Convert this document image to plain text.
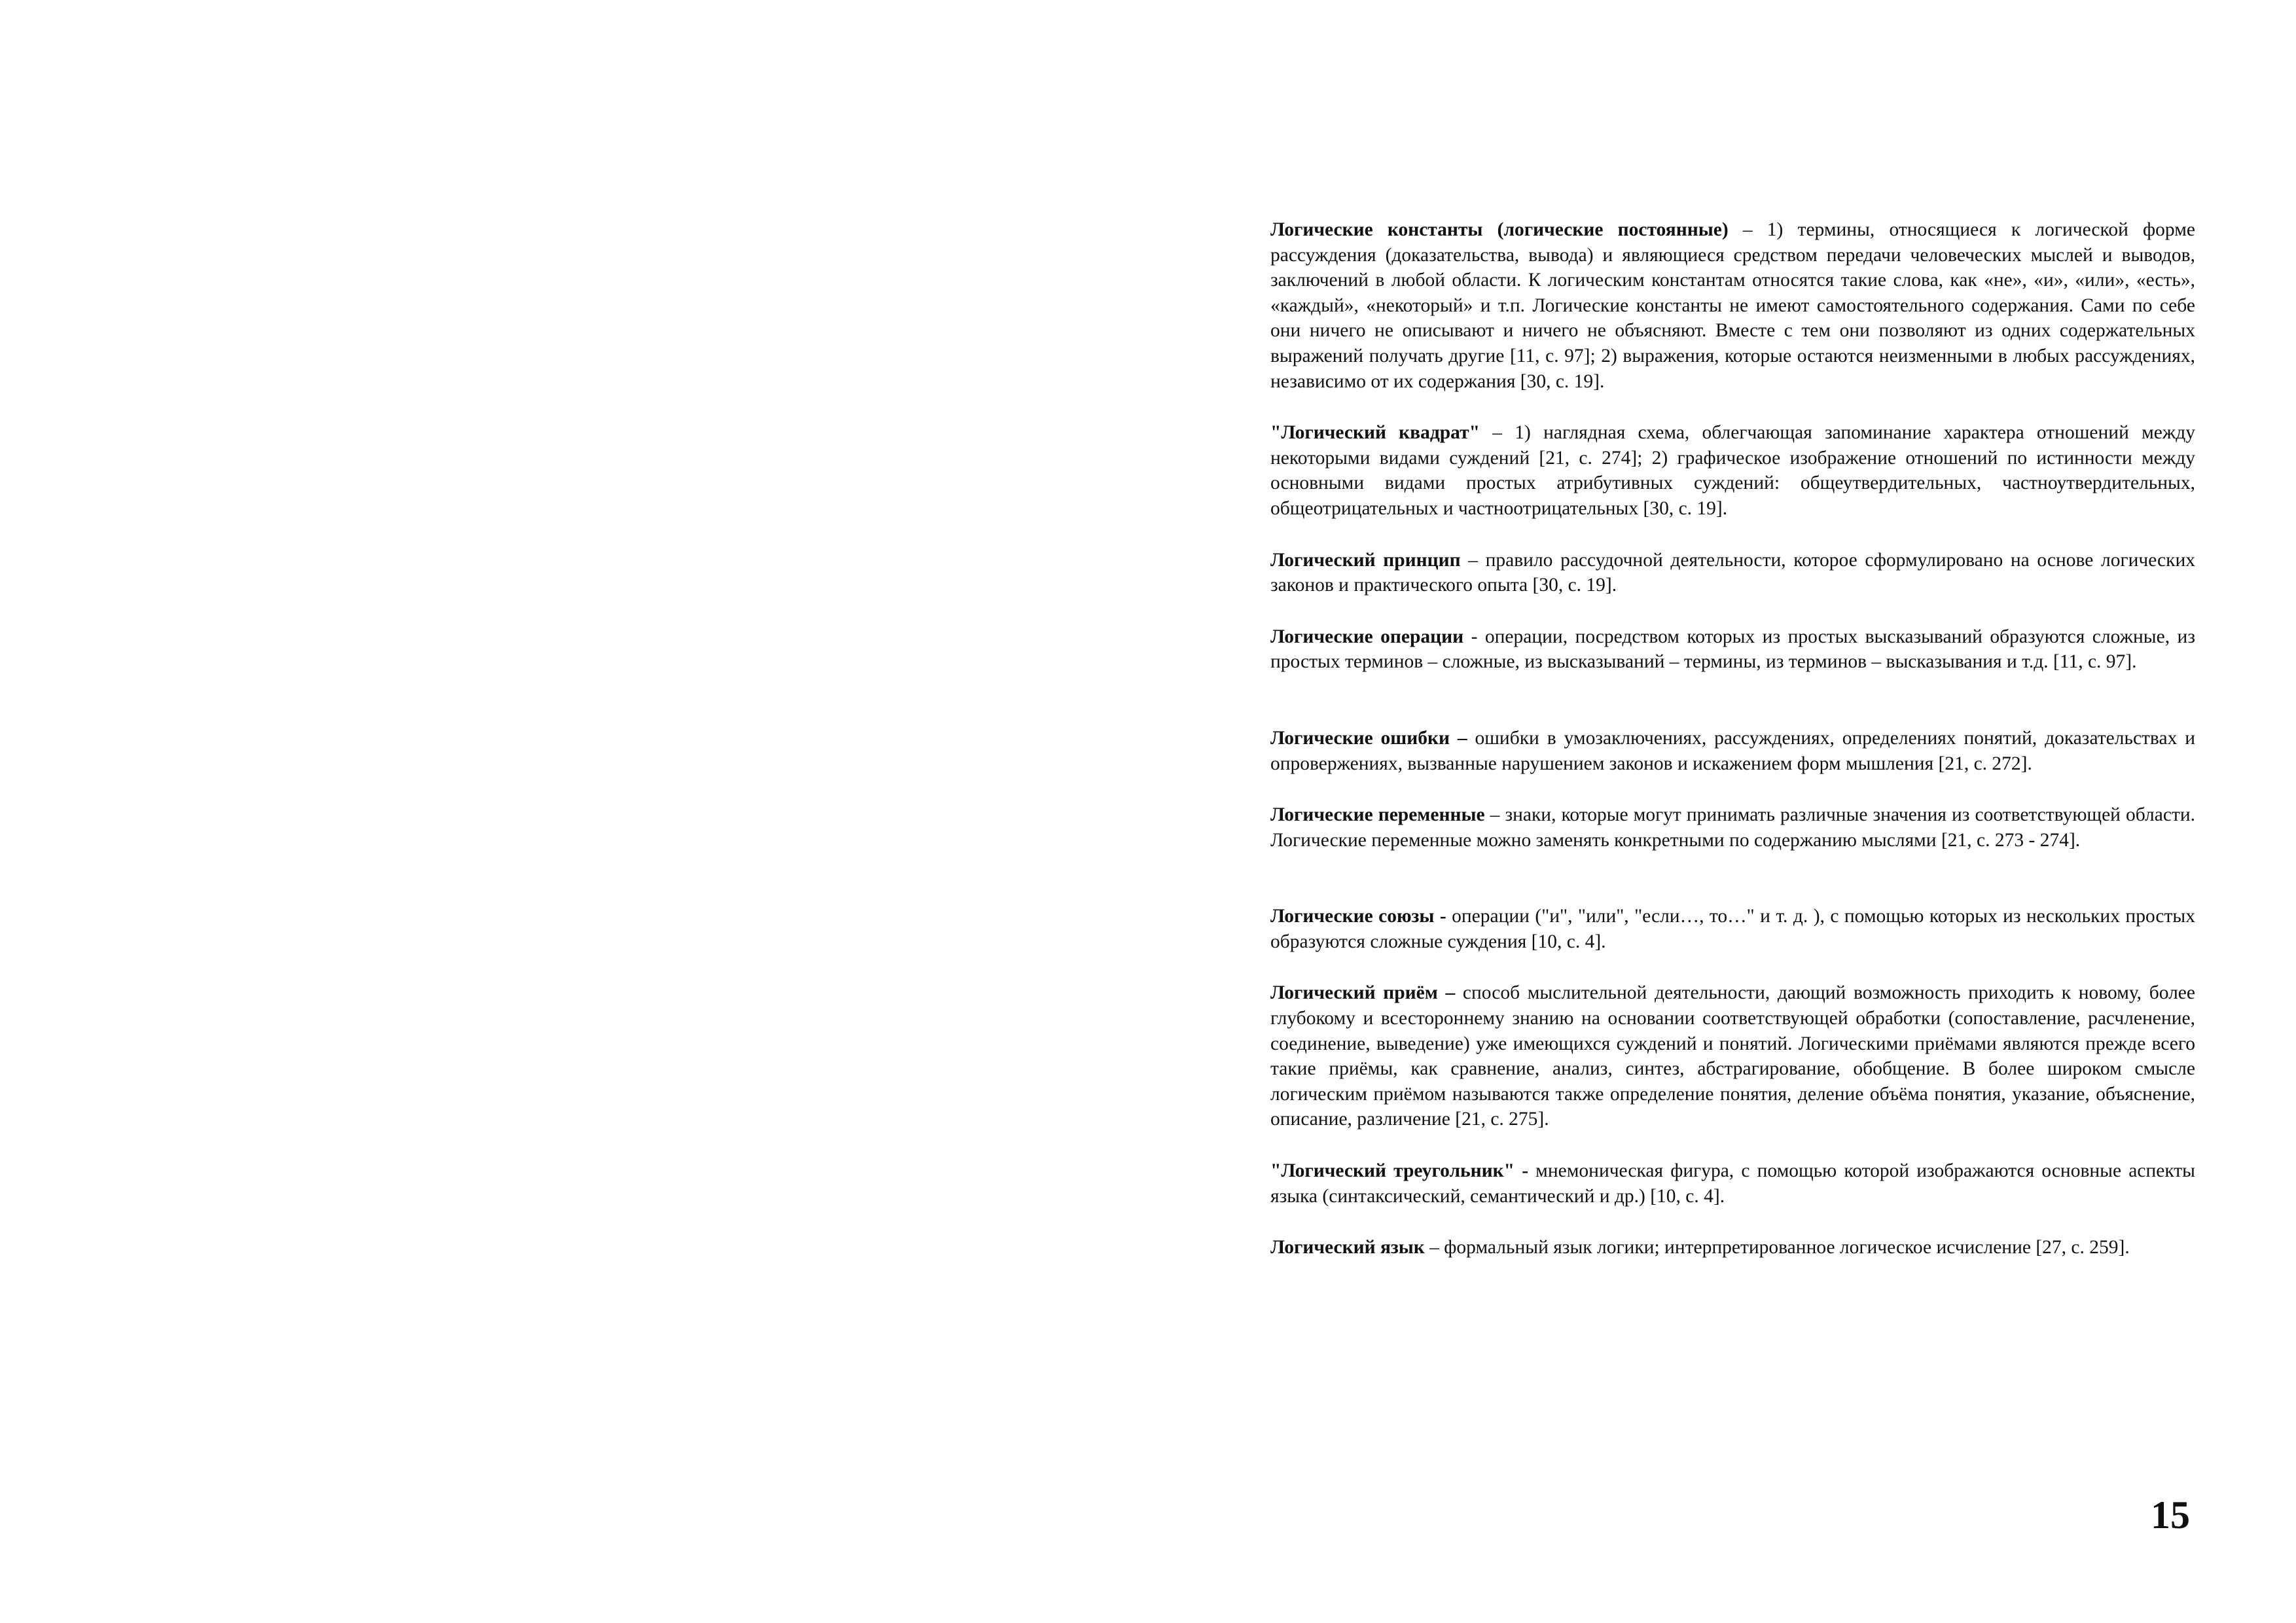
Логические константы (логические постоянные) – 1) термины, относящиеся к логической форме рассуждения (доказательства, вывода) и являющиеся средством передачи человеческих мыслей и выводов, заключений в любой области. К логическим константам относятся такие слова, как «не», «и», «или», «есть», «каждый», «некоторый» и т.п. Логические константы не имеют самостоятельного содержания. Сами по себе они ничего не описывают и ничего не объясняют. Вместе с тем они позволяют из одних содержательных выражений получать другие [11, с. 97]; 2) выражения, которые остаются неизменными в любых рассуждениях, независимо от их содержания [30, с. 19].

"Логический квадрат" – 1) наглядная схема, облегчающая запоминание характера отношений между некоторыми видами суждений [21, с. 274]; 2) графическое изображение отношений по истинности между основными видами простых атрибутивных суждений: общеутвердительных, частноутвердительных, общеотрицательных и частноотрицательных [30, с. 19].

Логический принцип – правило рассудочной деятельности, которое сформулировано на основе логических законов и практического опыта [30, с. 19].

Логические операции - операции, посредством которых из простых высказываний образуются сложные, из простых терминов – сложные, из высказываний – термины, из терминов – высказывания и т.д. [11, с. 97].

Логические ошибки – ошибки в умозаключениях, рассуждениях, определениях понятий, доказательствах и опровержениях, вызванные нарушением законов и искажением форм мышления [21, с. 272].

Логические переменные – знаки, которые могут принимать различные значения из соответствующей области. Логические переменные можно заменять конкретными по содержанию мыслями [21, с. 273 - 274].

Логические союзы - операции ("и", "или", "если…, то…" и т. д. ), с помощью которых из нескольких простых образуются сложные суждения [10, с. 4].

Логический приём – способ мыслительной деятельности, дающий возможность приходить к новому, более глубокому и всестороннему знанию на основании соответствующей обработки (сопоставление, расчленение, соединение, выведение) уже имеющихся суждений и понятий. Логическими приёмами являются прежде всего такие приёмы, как сравнение, анализ, синтез, абстрагирование, обобщение. В более широком смысле логическим приёмом называются также определение понятия, деление объёма понятия, указание, объяснение, описание, различение [21, с. 275].

"Логический треугольник" - мнемоническая фигура, с помощью которой изображаются основные аспекты языка (синтаксический, семантический и др.) [10, с. 4].

Логический язык – формальный язык логики; интерпретированное логическое исчисление [27, с. 259].

15
